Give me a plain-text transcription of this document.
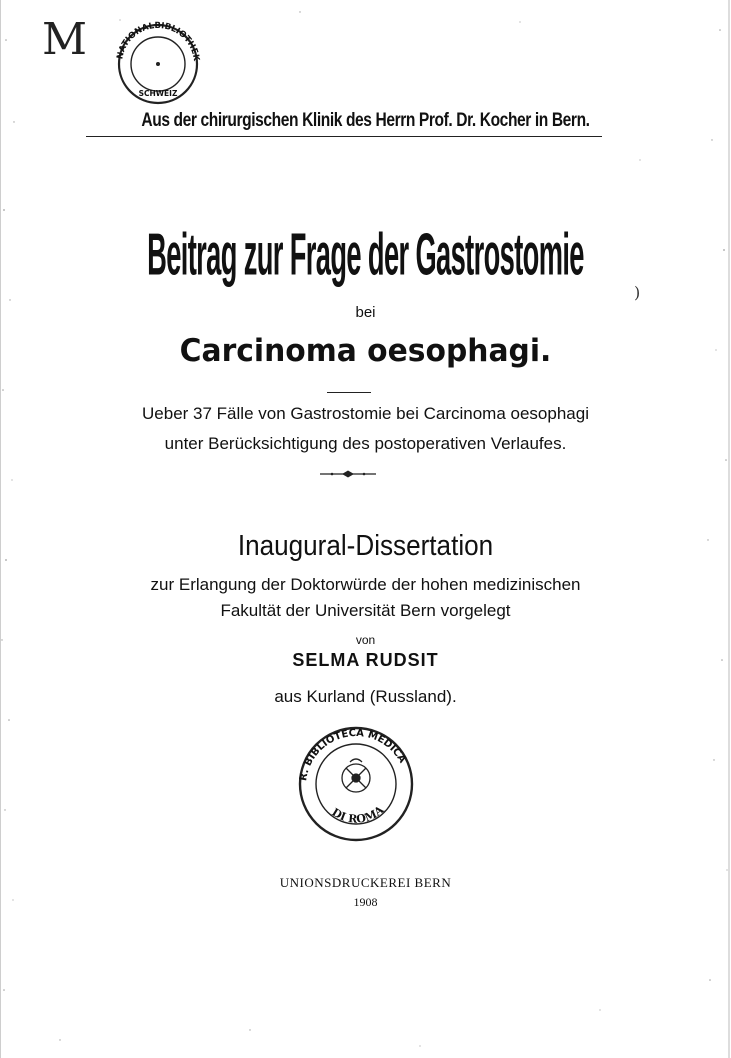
)
M	NATIONALBIBLIOTHEK
SCHWEIZ
Aus der chirurgischen Klinik des Herrn Prof. Dr. Kocher in Bern.
Beitrag zur Frage der Gastrostomie
bei
Carcinoma oesophagi.
Ueber 37 Fälle von Gastrostomie bei Carcinoma oesophagi
unter Berücksichtigung des postoperativen Verlaufes.
Inaugural-Dissertation
zur Erlangung der Doktorwürde der hohen medizinischen
Fakultät der Universität Bern vorgelegt
von
SELMA RUDSIT
aus Kurland (Russland).
R. BIBLIOTECA MEDICA
DI ROMA
UNIONSDRUCKEREI BERN
1908
